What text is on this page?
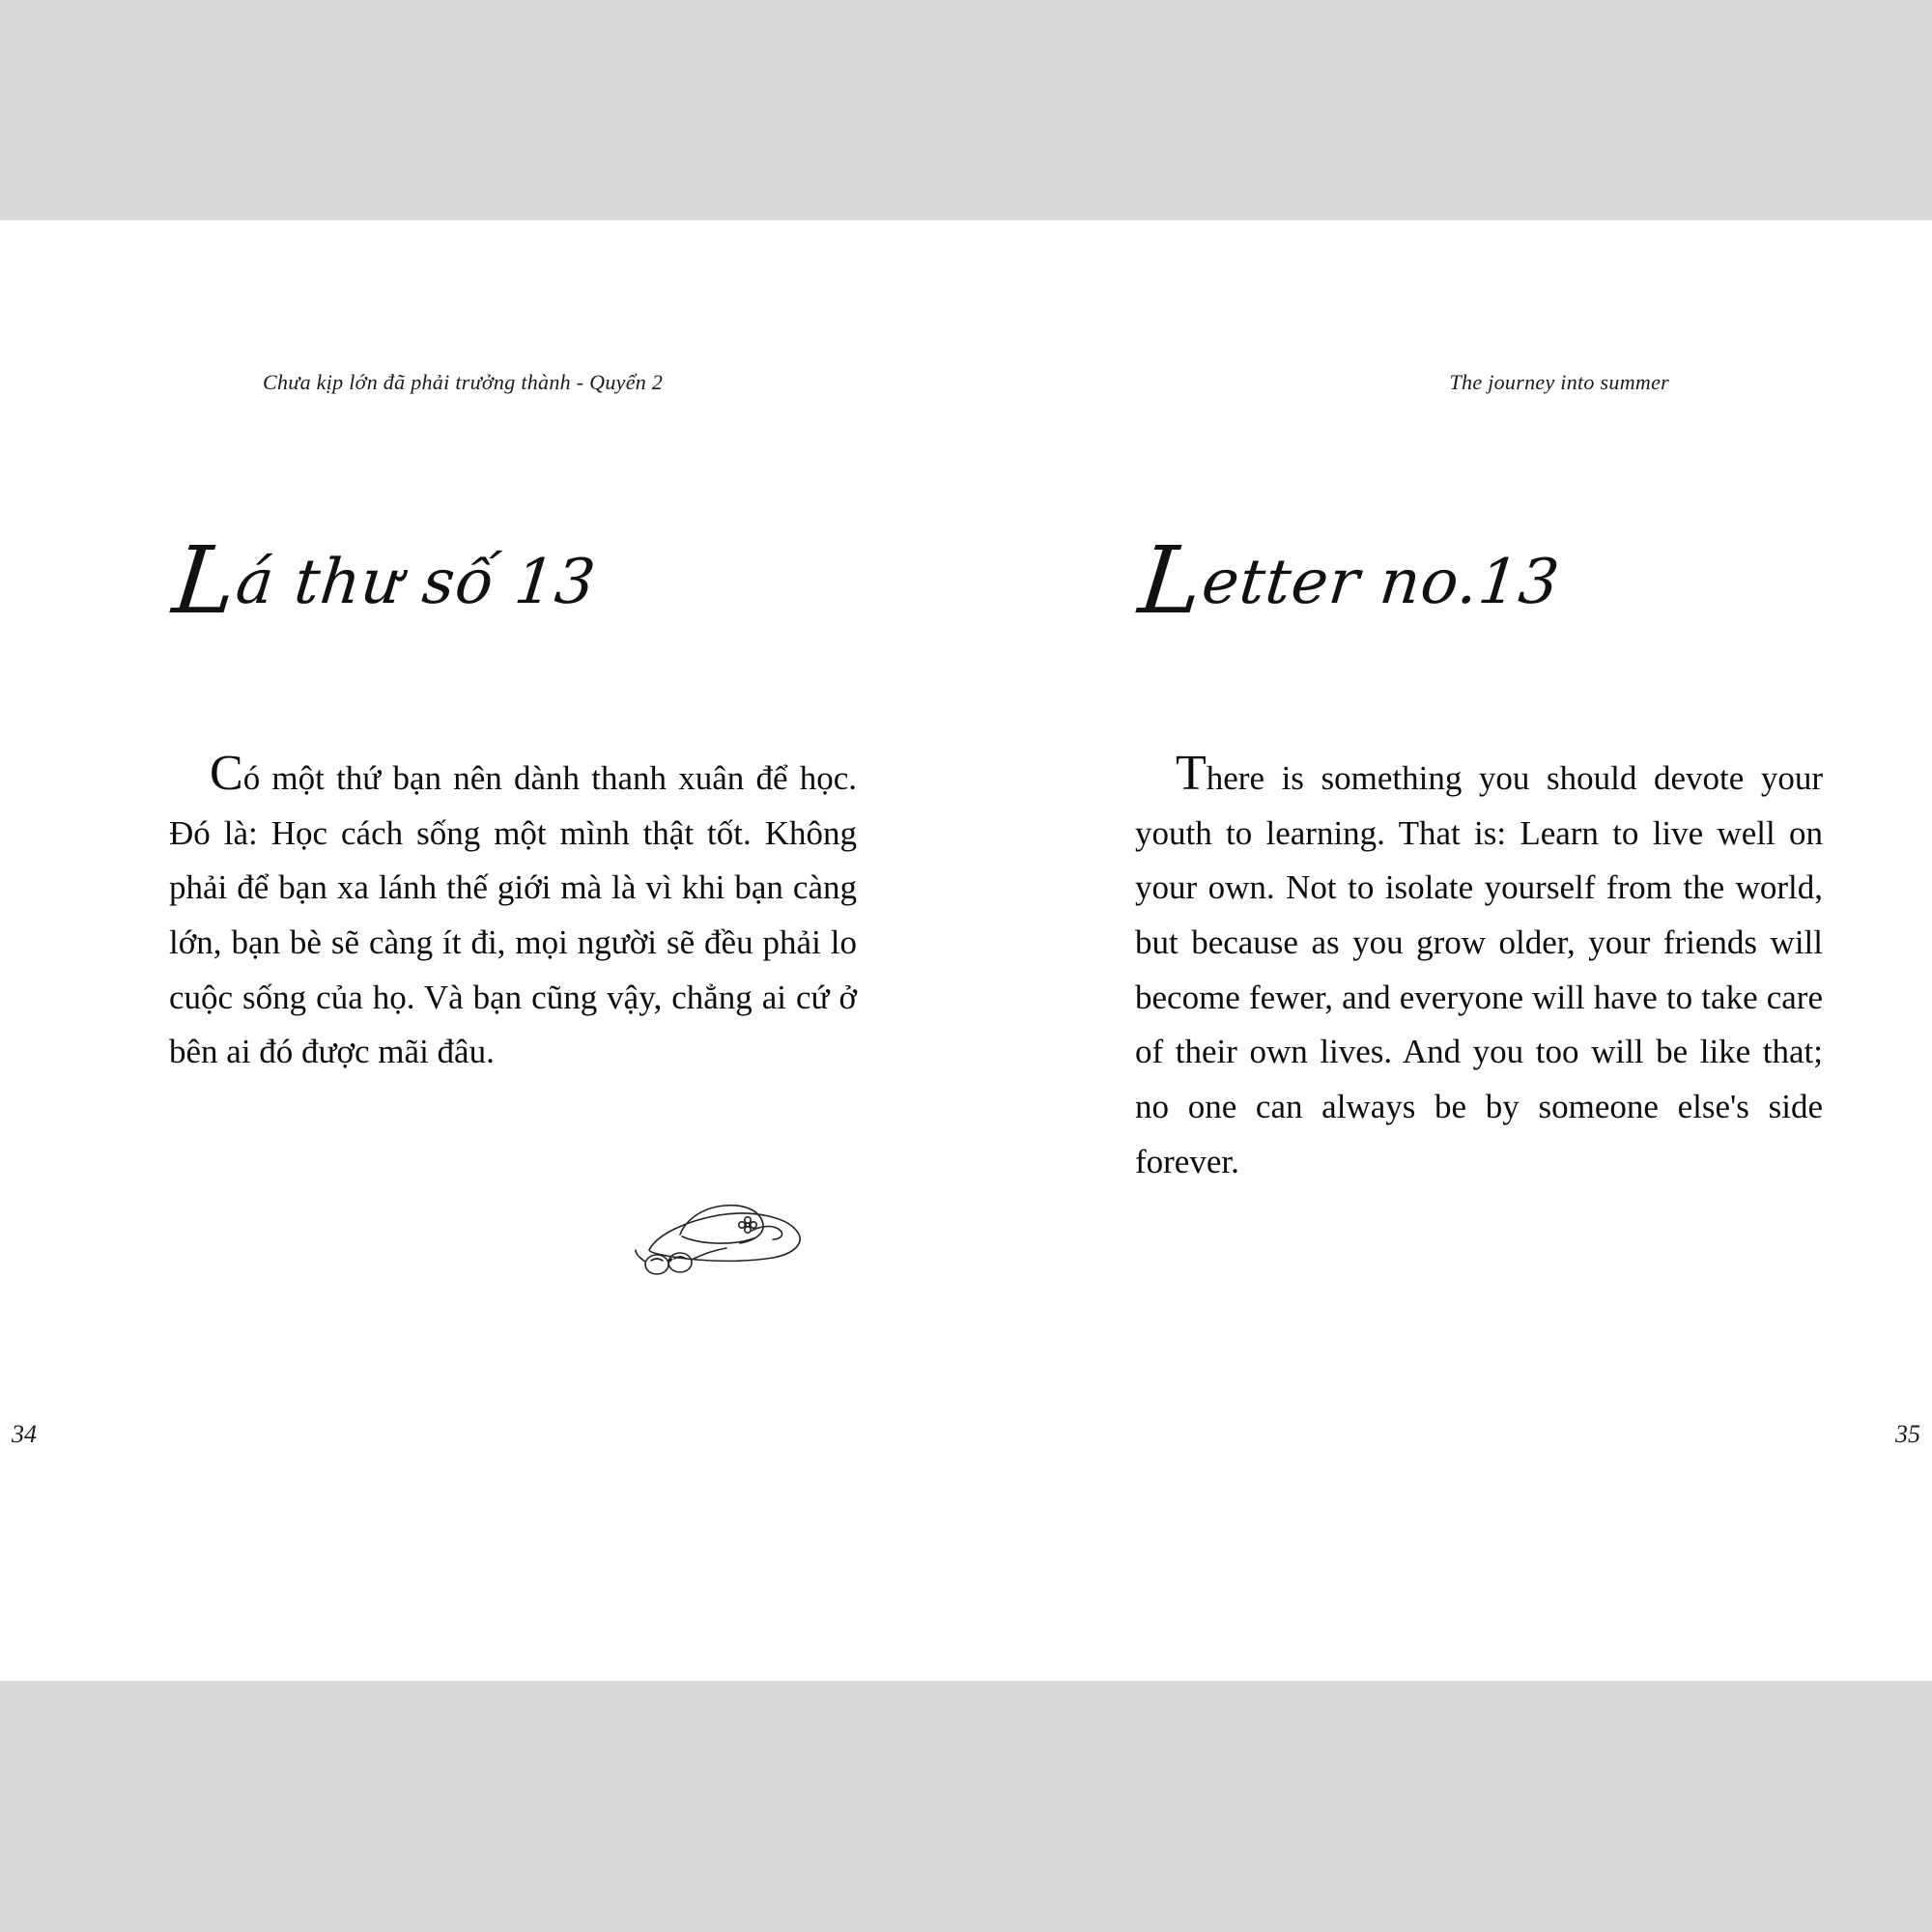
Chưa kịp lớn đã phải trưởng thành - Quyển 2
Lá thư số 13
Có một thứ bạn nên dành thanh xuân để học. Đó là: Học cách sống một mình thật tốt. Không phải để bạn xa lánh thế giới mà là vì khi bạn càng lớn, bạn bè sẽ càng ít đi, mọi người sẽ đều phải lo cuộc sống của họ. Và bạn cũng vậy, chẳng ai cứ ở bên ai đó được mãi đâu.
34
The journey into summer
Letter no.13
There is something you should devote your youth to learning. That is: Learn to live well on your own. Not to isolate yourself from the world, but because as you grow older, your friends will become fewer, and everyone will have to take care of their own lives. And you too will be like that; no one can always be by someone else's side forever.
35
